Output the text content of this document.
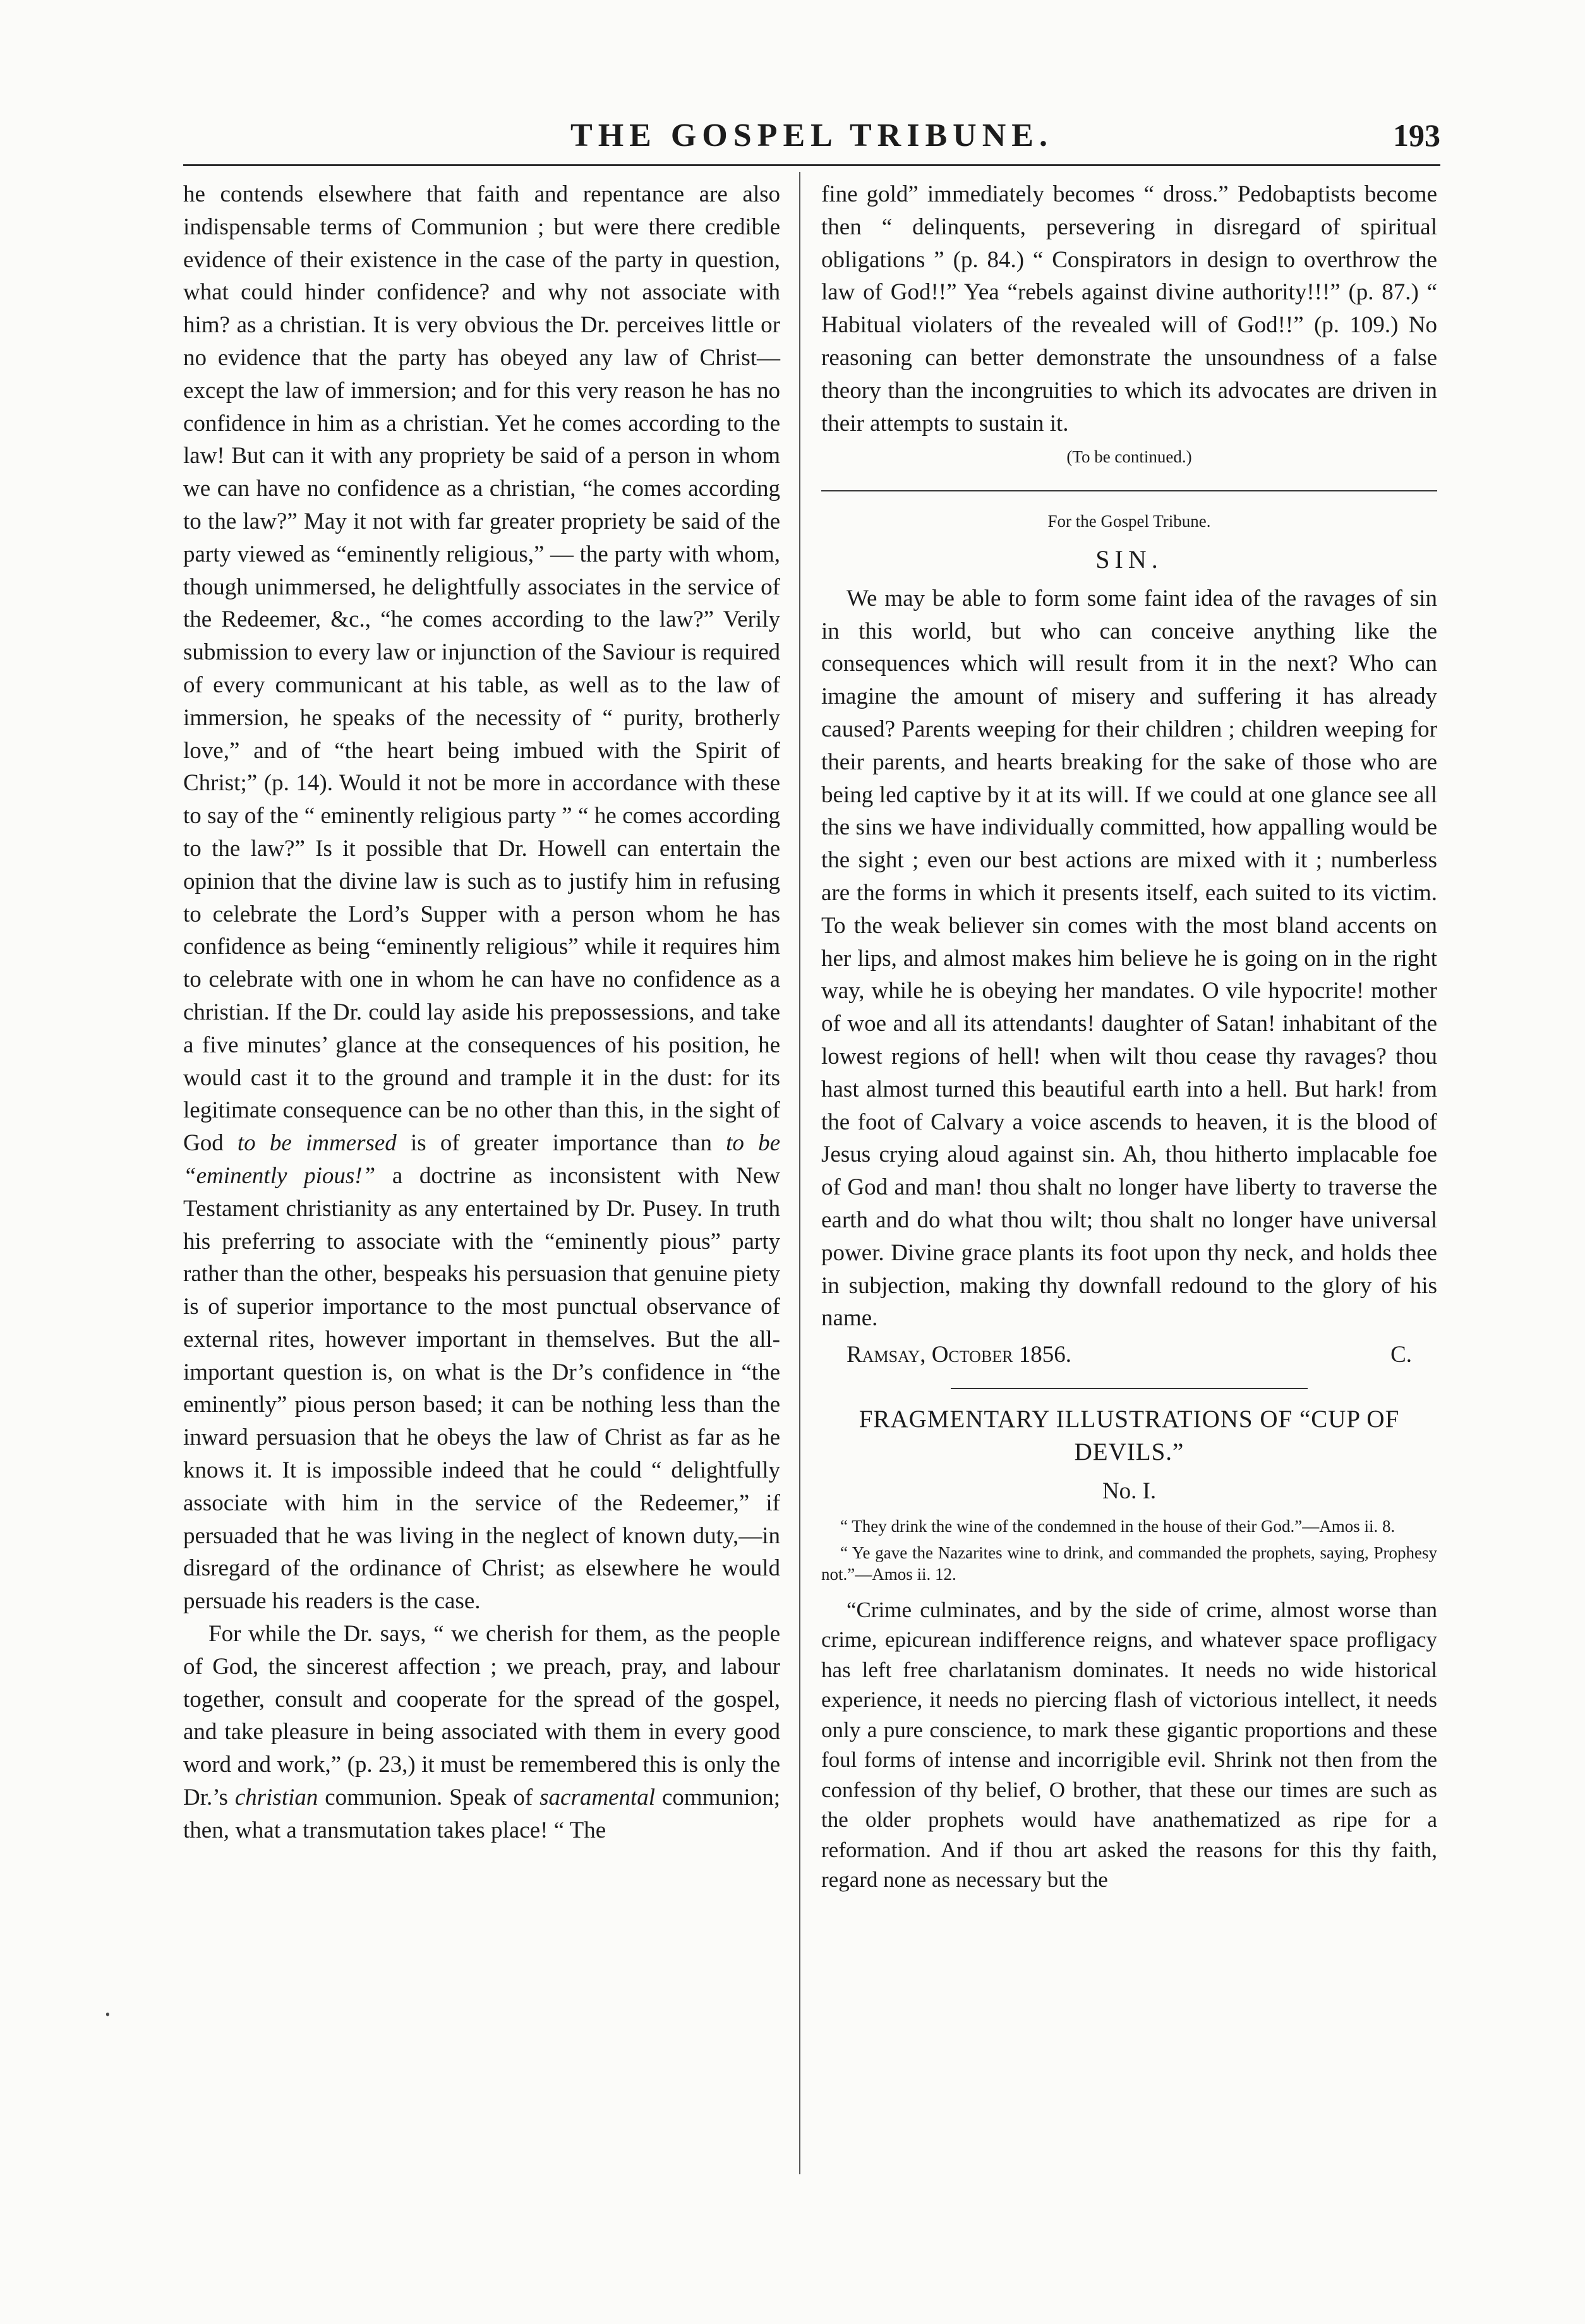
THE GOSPEL TRIBUNE.	193

he contends elsewhere that faith and repentance are also indispensable terms of Communion ; but were there credible evidence of their existence in the case of the party in question, what could hinder confidence? and why not associate with him? as a christian. It is very obvious the Dr. perceives little or no evidence that the party has obeyed any law of Christ—except the law of immersion; and for this very reason he has no confidence in him as a christian. Yet he comes according to the law! But can it with any propriety be said of a person in whom we can have no confidence as a christian, “he comes according to the law?” May it not with far greater propriety be said of the party viewed as “eminently religious,” — the party with whom, though unimmersed, he delightfully associates in the service of the Redeemer, &c., “he comes according to the law?” Verily submission to every law or injunction of the Saviour is required of every communicant at his table, as well as to the law of immersion, he speaks of the necessity of “ purity, brotherly love,” and of “the heart being imbued with the Spirit of Christ;” (p. 14). Would it not be more in accordance with these to say of the “ eminently religious party ” “ he comes according to the law?” Is it possible that Dr. Howell can entertain the opinion that the divine law is such as to justify him in refusing to celebrate the Lord’s Supper with a person whom he has confidence as being “eminently religious” while it requires him to celebrate with one in whom he can have no confidence as a christian. If the Dr. could lay aside his prepossessions, and take a five minutes’ glance at the consequences of his position, he would cast it to the ground and trample it in the dust: for its legitimate consequence can be no other than this, in the sight of God to be immersed is of greater importance than to be “eminently pious!” a doctrine as inconsistent with New Testament christianity as any entertained by Dr. Pusey. In truth his preferring to associate with the “eminently pious” party rather than the other, bespeaks his persuasion that genuine piety is of superior importance to the most punctual observance of external rites, however important in themselves. But the all-important question is, on what is the Dr’s confidence in “the eminently” pious person based; it can be nothing less than the inward persuasion that he obeys the law of Christ as far as he knows it. It is impossible indeed that he could “ delightfully associate with him in the service of the Redeemer,” if persuaded that he was living in the neglect of known duty,—in disregard of the ordinance of Christ; as elsewhere he would persuade his readers is the case.

For while the Dr. says, “ we cherish for them, as the people of God, the sincerest affection ; we preach, pray, and labour together, consult and cooperate for the spread of the gospel, and take pleasure in being associated with them in every good word and work,” (p. 23,) it must be remembered this is only the Dr.’s christian communion. Speak of sacramental communion; then, what a transmutation takes place! “ The

fine gold” immediately becomes “ dross.” Pedobaptists become then “ delinquents, persevering in disregard of spiritual obligations ” (p. 84.) “ Conspirators in design to overthrow the law of God!!” Yea “rebels against divine authority!!!” (p. 87.) “ Habitual violaters of the revealed will of God!!” (p. 109.) No reasoning can better demonstrate the unsoundness of a false theory than the incongruities to which its advocates are driven in their attempts to sustain it.

(To be continued.)
For the Gospel Tribune.
SIN.

We may be able to form some faint idea of the ravages of sin in this world, but who can conceive anything like the consequences which will result from it in the next? Who can imagine the amount of misery and suffering it has already caused? Parents weeping for their children ; children weeping for their parents, and hearts breaking for the sake of those who are being led captive by it at its will. If we could at one glance see all the sins we have individually committed, how appalling would be the sight ; even our best actions are mixed with it ; numberless are the forms in which it presents itself, each suited to its victim. To the weak believer sin comes with the most bland accents on her lips, and almost makes him believe he is going on in the right way, while he is obeying her mandates. O vile hypocrite! mother of woe and all its attendants! daughter of Satan! inhabitant of the lowest regions of hell! when wilt thou cease thy ravages? thou hast almost turned this beautiful earth into a hell. But hark! from the foot of Calvary a voice ascends to heaven, it is the blood of Jesus crying aloud against sin. Ah, thou hitherto implacable foe of God and man! thou shalt no longer have liberty to traverse the earth and do what thou wilt; thou shalt no longer have universal power. Divine grace plants its foot upon thy neck, and holds thee in subjection, making thy downfall redound to the glory of his name.

Ramsay, October 1856.	C.
FRAGMENTARY ILLUSTRATIONS OF “CUP OF DEVILS.”
No. I.

“ They drink the wine of the condemned in the house of their God.”—Amos ii. 8.

“ Ye gave the Nazarites wine to drink, and commanded the prophets, saying, Prophesy not.”—Amos ii. 12.

“Crime culminates, and by the side of crime, almost worse than crime, epicurean indifference reigns, and whatever space profligacy has left free charlatanism dominates. It needs no wide historical experience, it needs no piercing flash of victorious intellect, it needs only a pure conscience, to mark these gigantic proportions and these foul forms of intense and incorrigible evil. Shrink not then from the confession of thy belief, O brother, that these our times are such as the older prophets would have anathematized as ripe for a reformation. And if thou art asked the reasons for this thy faith, regard none as necessary but the

⸱
